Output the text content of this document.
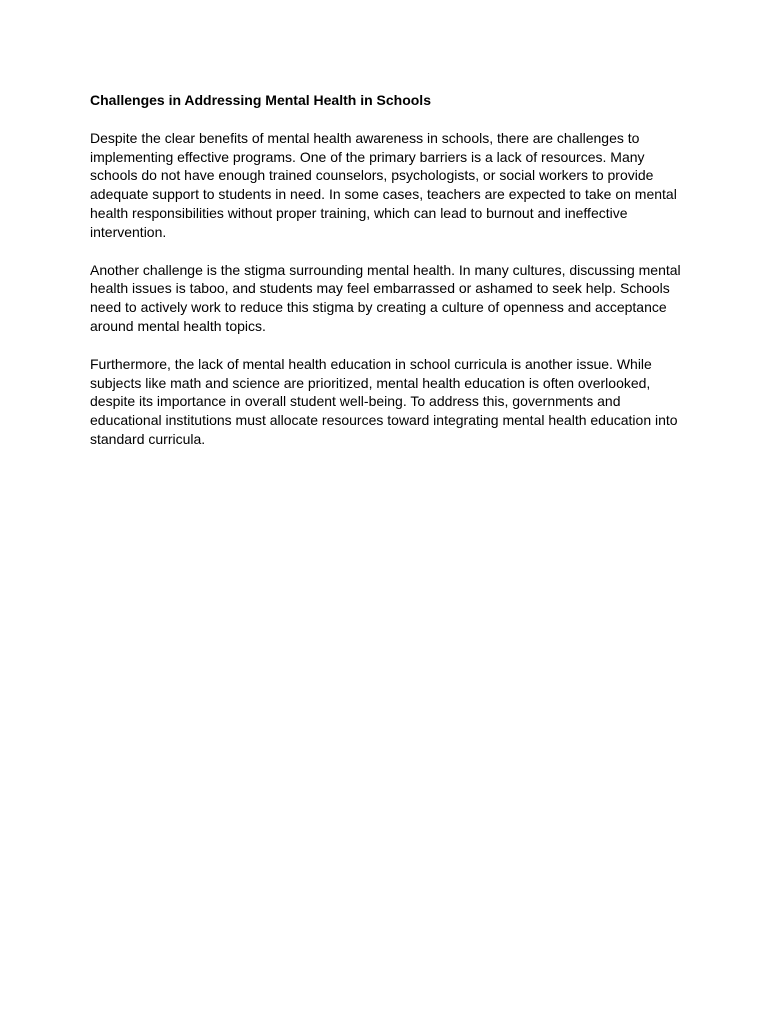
Challenges in Addressing Mental Health in Schools

Despite the clear benefits of mental health awareness in schools, there are challenges to implementing effective programs. One of the primary barriers is a lack of resources. Many schools do not have enough trained counselors, psychologists, or social workers to provide adequate support to students in need. In some cases, teachers are expected to take on mental health responsibilities without proper training, which can lead to burnout and ineffective intervention.

Another challenge is the stigma surrounding mental health. In many cultures, discussing mental health issues is taboo, and students may feel embarrassed or ashamed to seek help. Schools need to actively work to reduce this stigma by creating a culture of openness and acceptance around mental health topics.

Furthermore, the lack of mental health education in school curricula is another issue. While subjects like math and science are prioritized, mental health education is often overlooked, despite its importance in overall student well-being. To address this, governments and educational institutions must allocate resources toward integrating mental health education into standard curricula.
